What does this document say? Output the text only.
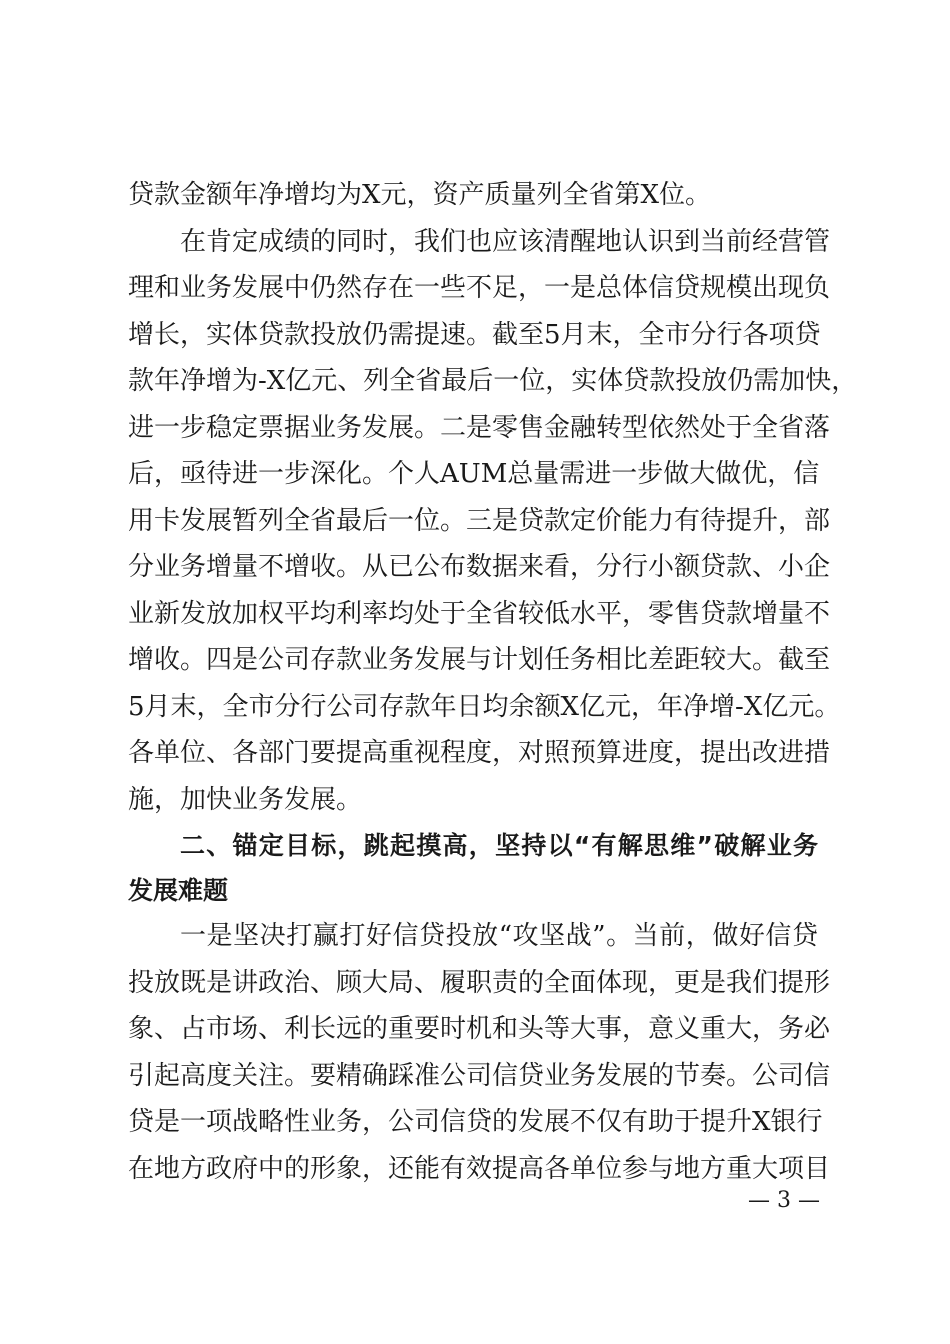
贷款金额年净增均为X元，资产质量列全省第X位。
在肯定成绩的同时，我们也应该清醒地认识到当前经营管
理和业务发展中仍然存在一些不足，一是总体信贷规模出现负
增长，实体贷款投放仍需提速。截至5月末，全市分行各项贷
款年净增为-X亿元、列全省最后一位，实体贷款投放仍需加快，
进一步稳定票据业务发展。二是零售金融转型依然处于全省落
后，亟待进一步深化。个人AUM总量需进一步做大做优，信
用卡发展暂列全省最后一位。三是贷款定价能力有待提升，部
分业务增量不增收。从已公布数据来看，分行小额贷款、小企
业新发放加权平均利率均处于全省较低水平，零售贷款增量不
增收。四是公司存款业务发展与计划任务相比差距较大。截至
5月末，全市分行公司存款年日均余额X亿元，年净增-X亿元。
各单位、各部门要提高重视程度，对照预算进度，提出改进措
施，加快业务发展。
二、锚定目标，跳起摸高，坚持以“有解思维”破解业务
发展难题
一是坚决打赢打好信贷投放“攻坚战”。当前，做好信贷
投放既是讲政治、顾大局、履职责的全面体现，更是我们提形
象、占市场、利长远的重要时机和头等大事，意义重大，务必
引起高度关注。要精确踩准公司信贷业务发展的节奏。公司信
贷是一项战略性业务，公司信贷的发展不仅有助于提升X银行
在地方政府中的形象，还能有效提高各单位参与地方重大项目
— 3 —
